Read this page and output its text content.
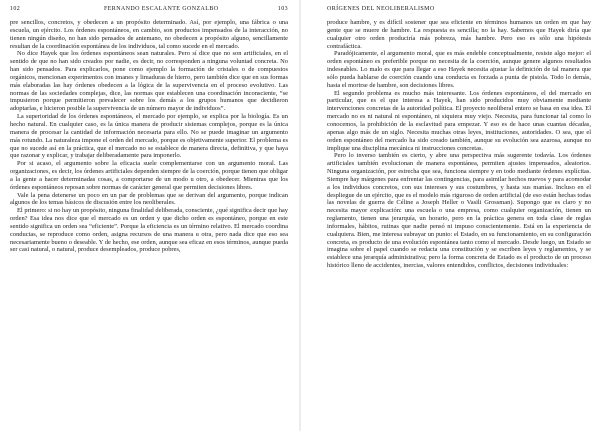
102	FERNANDO ESCALANTE GONZALBO

pre sencillos, concretos, y obedecen a un propósito determinado. Así, por ejemplo, una fábrica o una escuela, un ejército. Los órdenes espontáneos, en cambio, son productos impensados de la interacción, no tienen ningún diseño, no han sido pensados de antemano, no obedecen a propósito alguno, sencillamente resultan de la coordinación espontánea de los individuos, tal como sucede en el mercado.

No dice Hayek que los órdenes espontáneos sean naturales. Pero sí dice que no son artificiales, en el sentido de que no han sido creados por nadie, es decir, no corresponden a ninguna voluntad concreta. No han sido pensados. Para explicarlos, pone como ejemplo la formación de cristales o de compuestos orgánicos, mencionan experimentos con imanes y limaduras de hierro, pero también dice que en sus formas más elaboradas las hay órdenes obedecen a la lógica de la supervivencia en el proceso evolutivo. Las normas de las sociedades complejas, dice, las normas que establecen una coordinación inconsciente, “se impusieron porque permitieron prevalecer sobre los demás a los grupos humanos que decidieron adoptarlas, e hicieron posible la supervivencia de un número mayor de individuos”.

La superioridad de los órdenes espontáneos, el mercado por ejemplo, se explica por la biología. Es un hecho natural. En cualquier caso, es la única manera de producir sistemas complejos, porque es la única manera de procesar la cantidad de información necesaria para ello. No se puede imaginar un argumento más rotundo. La naturaleza impone el orden del mercado, porque es objetivamente superior. El problema es que no sucede así en la práctica, que el mercado no se establece de manera directa, definitiva, y que haya que razonar y explicar, y trabajar deliberadamente para imponerlo.

Por si acaso, el argumento sobre la eficacia suele complementarse con un argumento moral. Las organizaciones, es decir, los órdenes artificiales dependen siempre de la coerción, porque tienen que obligar a la gente a hacer determinadas cosas, a comportarse de un modo u otro, a obedecer. Mientras que los órdenes espontáneos reposan sobre normas de carácter general que permiten decisiones libres.

Vale la pena detenerse un poco en un par de problemas que se derivan del argumento, porque indican algunos de los temas básicos de discusión entre los neoliberales.

El primero: si no hay un propósito, ninguna finalidad deliberada, consciente, ¿qué significa decir que hay orden? Esa idea nos dice que el mercado es un orden y que dicho orden es espontáneo, porque en este sentido significa un orden sea “eficiente”. Porque la eficiencia es un término relativo. El mercado coordina conductas, se reproduce como orden, asigna recursos de una manera u otra, pero nada dice que eso sea necesariamente bueno o deseable. Y de hecho, ese orden, aunque sea eficaz en esos términos, aunque pueda ser casi natural, o natural, produce desempleados, produce pobres,

ORÍGENES DEL NEOLIBERALISMO
103

produce hambre, y es difícil sostener que sea eficiente en términos humanos un orden en que hay gente que se muere de hambre. La respuesta es sencilla; no la hay. Sabemos que Hayek diría que cualquier otro orden produciría más pobreza, más hambre. Pero eso es sólo una hipótesis contrafáctica.

Paradójicamente, el argumento moral, que es más endeble conceptualmente, resiste algo mejor: el orden espontáneo es preferible porque no necesita de la coerción, aunque genere algunos resultados indeseables. Lo malo es que para llegar a eso Hayek necesita ajustar la definición de tal manera que sólo pueda hablarse de coerción cuando una conducta es forzada a punta de pistola. Todo lo demás, hasta el morirse de hambre, son decisiones libres.

El segundo problema es mucho más interesante. Los órdenes espontáneos, el del mercado en particular, que es el que interesa a Hayek, han sido producidos muy obviamente mediante intervenciones concretas de la autoridad política. El proyecto neoliberal entero se basa en esa idea. El mercado no es ni natural ni espontáneo, ni siquiera muy viejo. Necesita, para funcionar tal como lo conocemos, la prohibición de la esclavitud para empezar. Y eso es de hace unas cuantas décadas, apenas algo más de un siglo. Necesita muchas otras leyes, instituciones, autoridades. O sea, que el orden espontáneo del mercado ha sido creado también, aunque su evolución sea azarosa, aunque no implique una disciplina mecánica ni instrucciones concretas.

Pero lo inverso también es cierto, y abre una perspectiva más sugerente todavía. Los órdenes artificiales también evolucionan de manera espontánea, permiten ajustes impensados, aleatorios. Ninguna organización, por estrecha que sea, funciona siempre y en todo mediante órdenes explícitas. Siempre hay márgenes para enfrentar las contingencias, para asimilar hechos nuevos y para acomodar a los individuos concretos, con sus intereses y sus costumbres, y hasta sus manías. Incluso en el despliegue de un ejército, que es el modelo más riguroso de orden artificial (de eso están hechas todas las novelas de guerra de Céline a Joseph Heller o Vasili Grossman). Supongo que es claro y no necesita mayor explicación: una escuela o una empresa, como cualquier organización, tienen un reglamento, tienen una jerarquía, un horario, pero en la práctica genera en toda clase de reglas informales, hábitos, rutinas que nadie pensó ni impuso conscientemente. Está en la experiencia de cualquiera. Bien, me interesa subrayar un punto: el Estado, en su funcionamiento, en su configuración concreta, es producto de una evolución espontánea tanto como el mercado. Desde luego, un Estado se imagina sobre el papel cuando se redacta una constitución y se escriben leyes y reglamentos, y se establece una jerarquía administrativa; pero la forma concreta de Estado es el producto de un proceso histórico lleno de accidentes, inercias, valores entendidos, conflictos, decisiones individuales:
